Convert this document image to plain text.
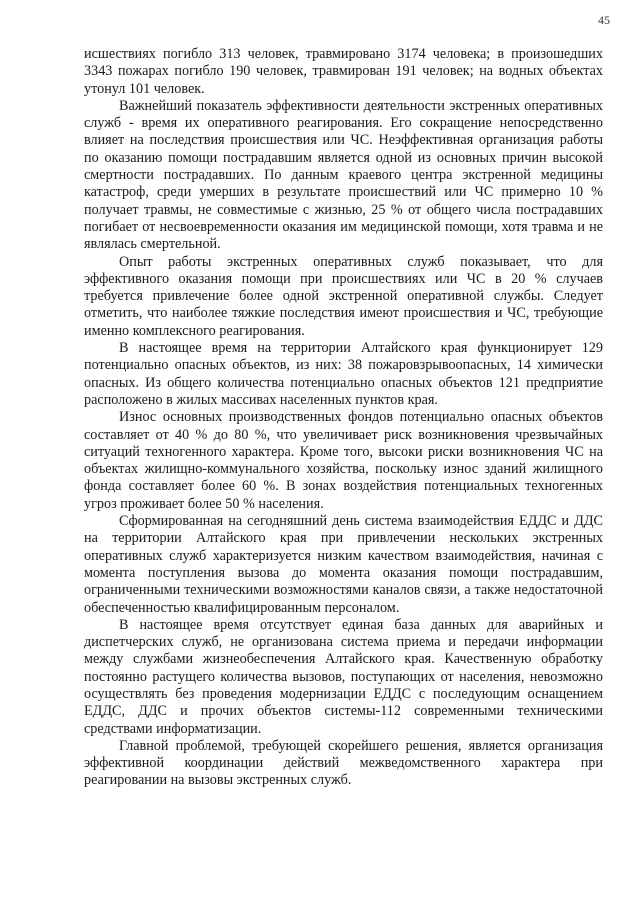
45

исшествиях погибло 313 человек, травмировано 3174 человека; в произошедших 3343 пожарах погибло 190 человек, травмирован 191 человек; на водных объектах утонул 101 человек.

Важнейший показатель эффективности деятельности экстренных оперативных служб - время их оперативного реагирования. Его сокращение непосредственно влияет на последствия происшествия или ЧС. Неэффективная организация работы по оказанию помощи пострадавшим является одной из основных причин высокой смертности пострадавших. По данным краевого центра экстренной медицины катастроф, среди умерших в результате происшествий или ЧС примерно 10 % получает травмы, не совместимые с жизнью, 25 % от общего числа пострадавших погибает от несвоевременности оказания им медицинской помощи, хотя травма и не являлась смертельной.

Опыт работы экстренных оперативных служб показывает, что для эффективного оказания помощи при происшествиях или ЧС в 20 % случаев требуется привлечение более одной экстренной оперативной службы. Следует отметить, что наиболее тяжкие последствия имеют происшествия и ЧС, требующие именно комплексного реагирования.

В настоящее время на территории Алтайского края функционирует 129 потенциально опасных объектов, из них: 38 пожаровзрывоопасных, 14 химически опасных. Из общего количества потенциально опасных объектов 121 предприятие расположено в жилых массивах населенных пунктов края.

Износ основных производственных фондов потенциально опасных объектов составляет от 40 % до 80 %, что увеличивает риск возникновения чрезвычайных ситуаций техногенного характера. Кроме того, высоки риски возникновения ЧС на объектах жилищно-коммунального хозяйства, поскольку износ зданий жилищного фонда составляет более 60 %. В зонах воздействия потенциальных техногенных угроз проживает более 50 % населения.

Сформированная на сегодняшний день система взаимодействия ЕДДС и ДДС на территории Алтайского края при привлечении нескольких экстренных оперативных служб характеризуется низким качеством взаимодействия, начиная с момента поступления вызова до момента оказания помощи пострадавшим, ограниченными техническими возможностями каналов связи, а также недостаточной обеспеченностью квалифицированным персоналом.

В настоящее время отсутствует единая база данных для аварийных и диспетчерских служб, не организована система приема и передачи информации между службами жизнеобеспечения Алтайского края. Качественную обработку постоянно растущего количества вызовов, поступающих от населения, невозможно осуществлять без проведения модернизации ЕДДС с последующим оснащением ЕДДС, ДДС и прочих объектов системы-112 современными техническими средствами информатизации.

Главной проблемой, требующей скорейшего решения, является организация эффективной координации действий межведомственного характера при реагировании на вызовы экстренных служб.
